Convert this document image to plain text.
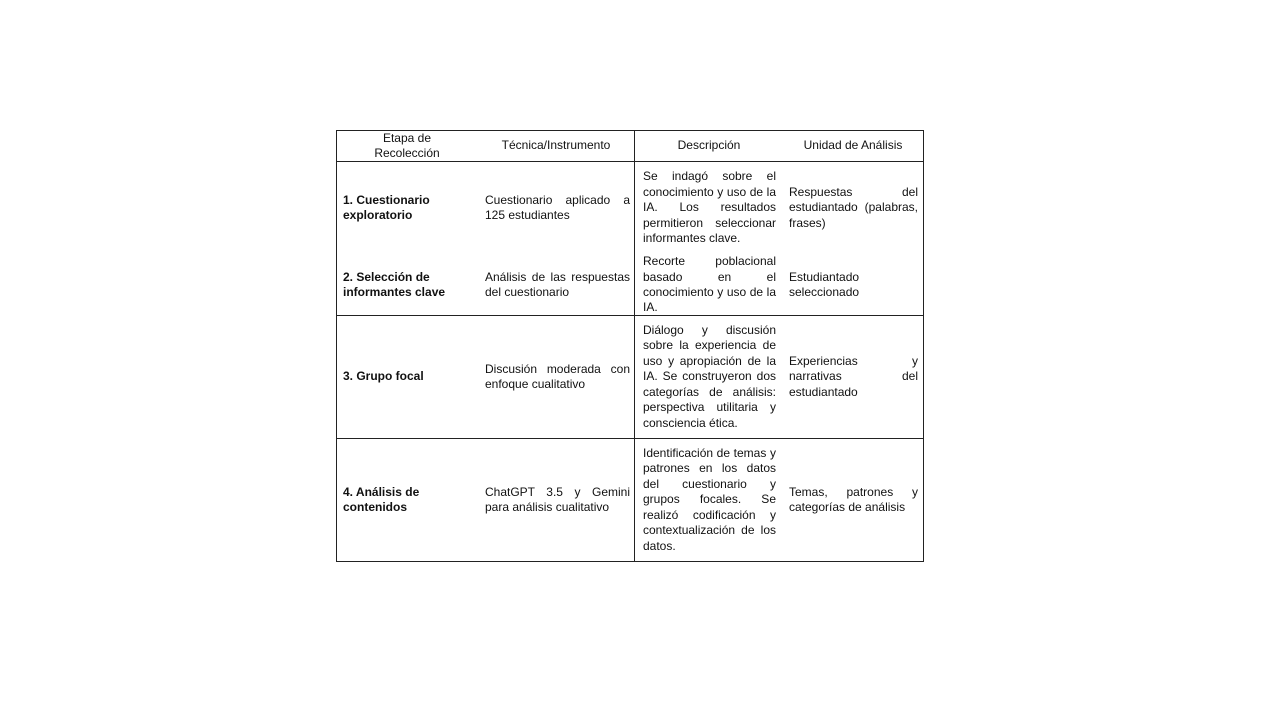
Etapa de Recolección
Técnica/Instrumento	Descripción	Unidad de Análisis
1. Cuestionario exploratorio
Cuestionario aplicado a 125 estudiantes
Se indagó sobre el conocimiento y uso de la IA. Los resultados permitieron seleccionar informantes clave.
Respuestas del estudiantado (palabras, frases)
2. Selección de informantes clave
Análisis de las respuestas del cuestionario
Recorte poblacional basado en el conocimiento y uso de la IA.
Estudiantado seleccionado
3. Grupo focal
Discusión moderada con enfoque cualitativo
Diálogo y discusión sobre la experiencia de uso y apropiación de la IA. Se construyeron dos categorías de análisis: perspectiva utilitaria y consciencia ética.
Experiencias y narrativas del estudiantado
4. Análisis de contenidos
ChatGPT 3.5 y Gemini para análisis cualitativo
Identificación de temas y patrones en los datos del cuestionario y grupos focales. Se realizó codificación y contextualización de los datos.
Temas, patrones y categorías de análisis
